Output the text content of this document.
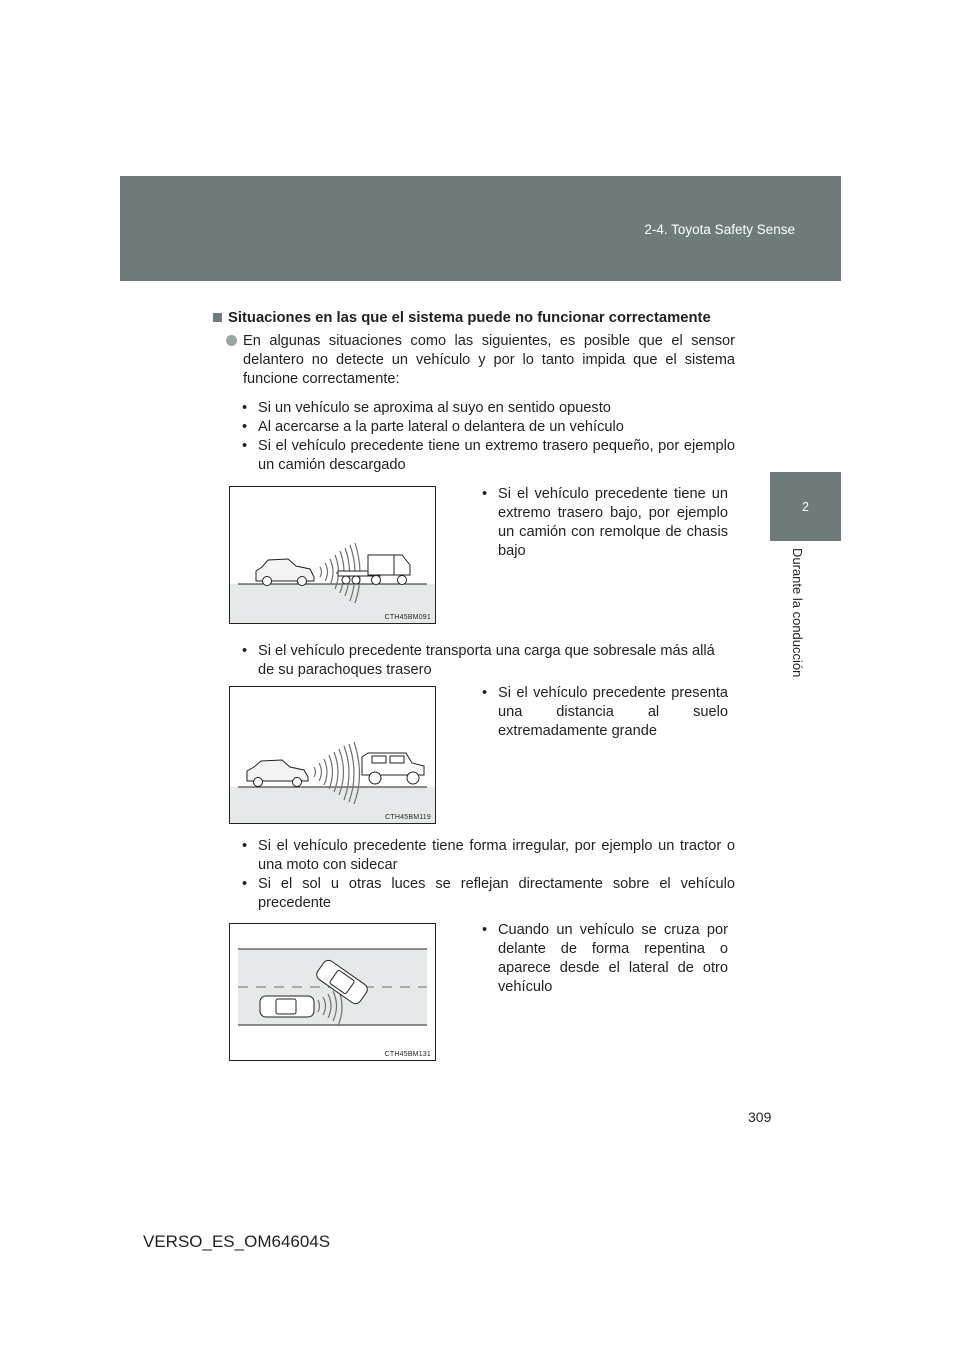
2-4. Toyota Safety Sense
2
Durante la conducción
Situaciones en las que el sistema puede no funcionar correctamente
En algunas situaciones como las siguientes, es posible que el sensor delantero no detecte un vehículo y por lo tanto impida que el sistema funcione correctamente:
• Si un vehículo se aproxima al suyo en sentido opuesto
• Al acercarse a la parte lateral o delantera de un vehículo
• Si el vehículo precedente tiene un extremo trasero pequeño, por ejemplo un camión descargado
CTH45BM091
• Si el vehículo precedente tiene un extremo trasero bajo, por ejemplo un camión con remolque de chasis bajo
• Si el vehículo precedente transporta una carga que sobresale más allá de su parachoques trasero
CTH45BM119
• Si el vehículo precedente presenta una distancia al suelo extremadamente grande
• Si el vehículo precedente tiene forma irregular, por ejemplo un tractor o una moto con sidecar
• Si el sol u otras luces se reflejan directamente sobre el vehículo precedente
CTH45BM131
• Cuando un vehículo se cruza por delante de forma repentina o aparece desde el lateral de otro vehículo
309
VERSO_ES_OM64604S
